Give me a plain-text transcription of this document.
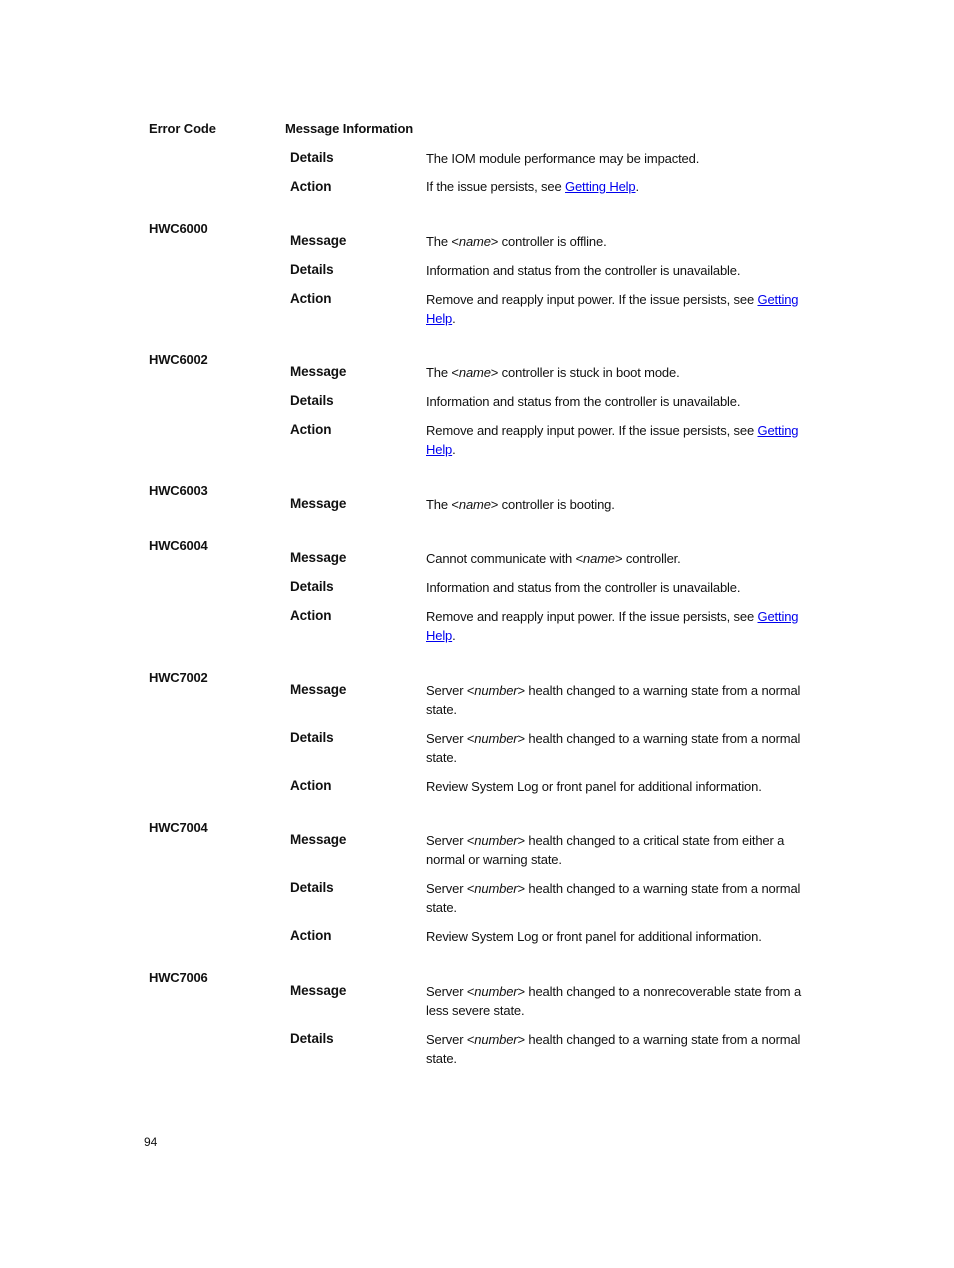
Error Code	Message Information
Details	The IOM module performance may be impacted.
Action	If the issue persists, see Getting Help.
HWC6000
Message	The <name> controller is offline.
Details	Information and status from the controller is unavailable.
Action	Remove and reapply input power. If the issue persists, see Getting
Help.
HWC6002
Message	The <name> controller is stuck in boot mode.
Details	Information and status from the controller is unavailable.
Action	Remove and reapply input power. If the issue persists, see Getting
Help.
HWC6003
Message	The <name> controller is booting.
HWC6004
Message	Cannot communicate with <name> controller.
Details	Information and status from the controller is unavailable.
Action	Remove and reapply input power. If the issue persists, see Getting
Help.
HWC7002
Message	Server <number> health changed to a warning state from a normal state.
Details	Server <number> health changed to a warning state from a normal state.
Action	Review System Log or front panel for additional information.
HWC7004
Message	Server <number> health changed to a critical state from either a normal or warning state.
Details	Server <number> health changed to a warning state from a normal state.
Action	Review System Log or front panel for additional information.
HWC7006
Message	Server <number> health changed to a nonrecoverable state from a less severe state.
Details	Server <number> health changed to a warning state from a normal state.
94
